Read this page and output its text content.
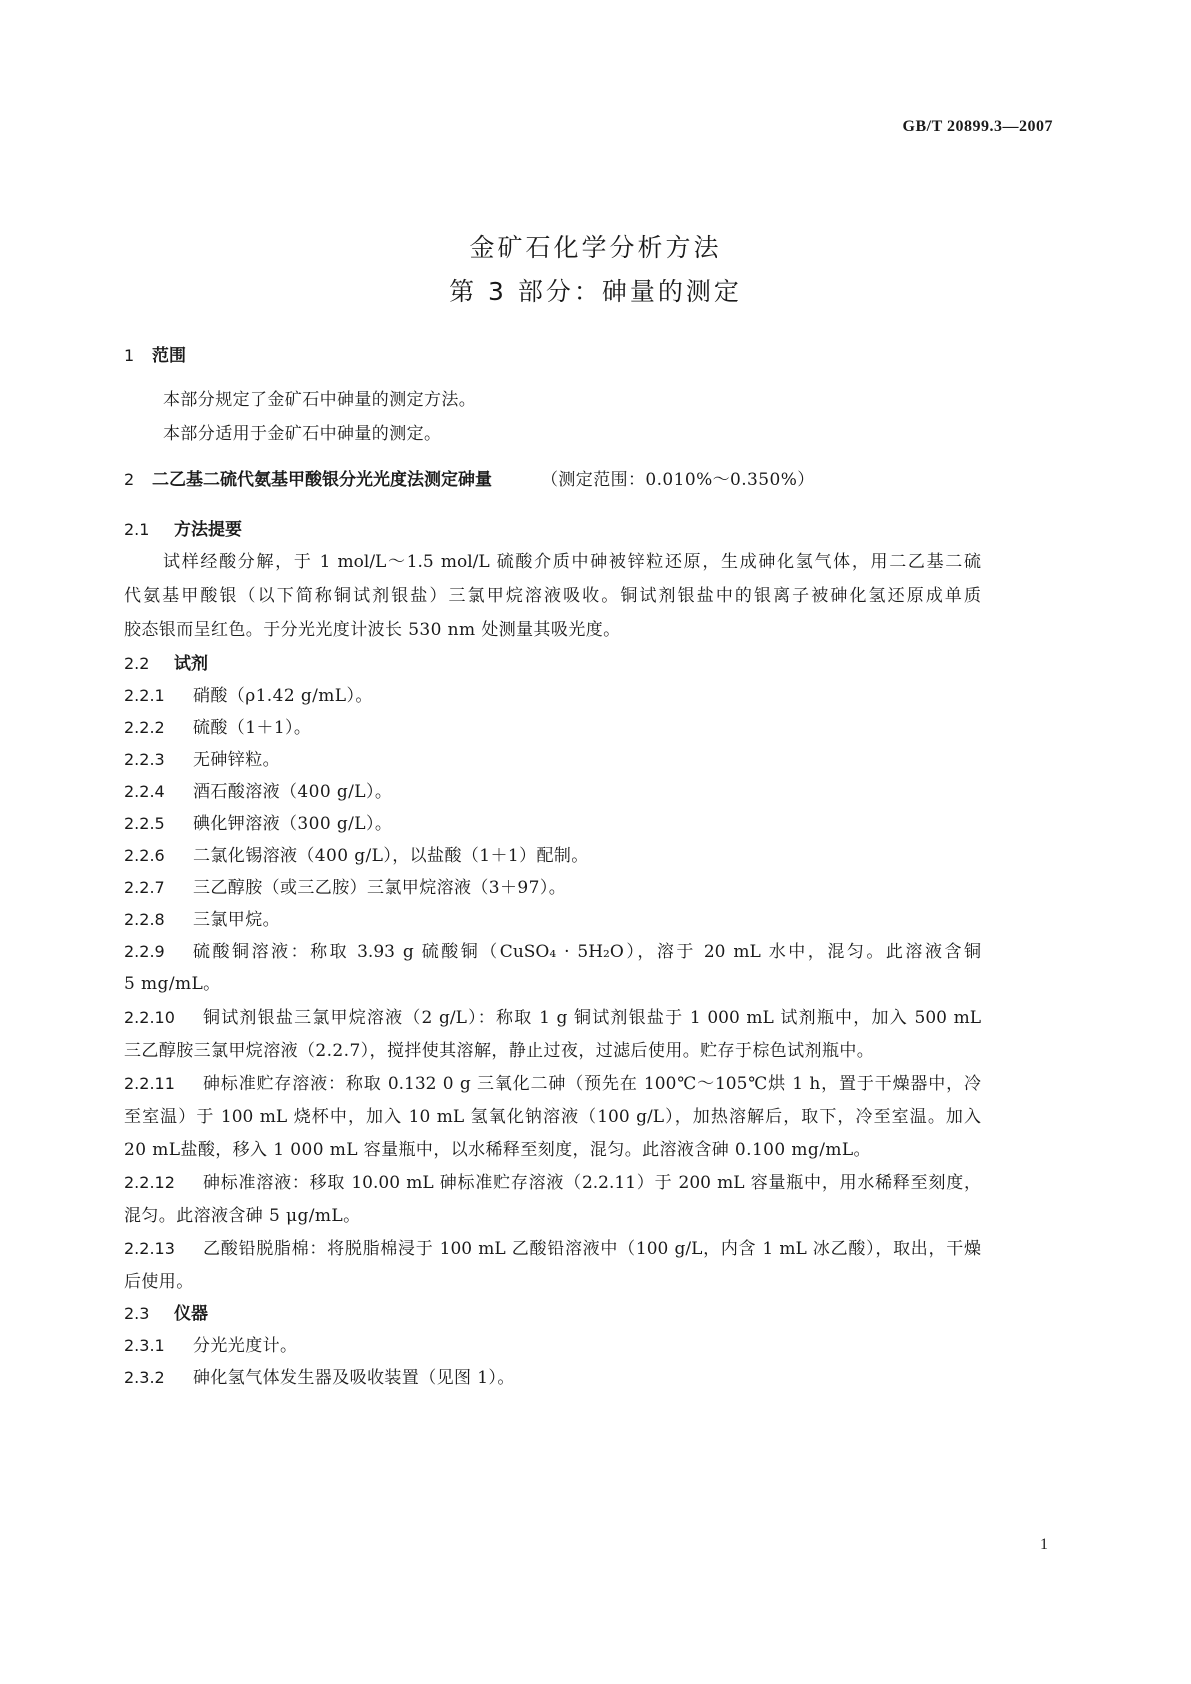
GB/T 20899.3—2007
金矿石化学分析方法
第 3 部分：砷量的测定
1 范围
本部分规定了金矿石中砷量的测定方法。
本部分适用于金矿石中砷量的测定。
2 二乙基二硫代氨基甲酸银分光光度法测定砷量	（测定范围：0.010%～0.350%）
2.1 方法提要
试样经酸分解，于 1 mol/L～1.5 mol/L 硫酸介质中砷被锌粒还原，生成砷化氢气体，用二乙基二硫
代氨基甲酸银（以下简称铜试剂银盐）三氯甲烷溶液吸收。铜试剂银盐中的银离子被砷化氢还原成单质
胶态银而呈红色。于分光光度计波长 530 nm 处测量其吸光度。
2.2 试剂
2.2.1 硝酸（ρ1.42 g/mL）。
2.2.2 硫酸（1＋1）。
2.2.3 无砷锌粒。
2.2.4 酒石酸溶液（400 g/L）。
2.2.5 碘化钾溶液（300 g/L）。
2.2.6 二氯化锡溶液（400 g/L），以盐酸（1＋1）配制。
2.2.7 三乙醇胺（或三乙胺）三氯甲烷溶液（3＋97）。
2.2.8 三氯甲烷。
2.2.9 硫酸铜溶液：称取 3.93 g 硫酸铜（CuSO₄ · 5H₂O），溶于 20 mL 水中，混匀。此溶液含铜
5 mg/mL。
2.2.10 铜试剂银盐三氯甲烷溶液（2 g/L）：称取 1 g 铜试剂银盐于 1 000 mL 试剂瓶中，加入 500 mL
三乙醇胺三氯甲烷溶液（2.2.7），搅拌使其溶解，静止过夜，过滤后使用。贮存于棕色试剂瓶中。
2.2.11 砷标准贮存溶液：称取 0.132 0 g 三氧化二砷（预先在 100℃～105℃烘 1 h，置于干燥器中，冷
至室温）于 100 mL 烧杯中，加入 10 mL 氢氧化钠溶液（100 g/L），加热溶解后，取下，冷至室温。加入
20 mL盐酸，移入 1 000 mL 容量瓶中，以水稀释至刻度，混匀。此溶液含砷 0.100 mg/mL。
2.2.12 砷标准溶液：移取 10.00 mL 砷标准贮存溶液（2.2.11）于 200 mL 容量瓶中，用水稀释至刻度，
混匀。此溶液含砷 5 μg/mL。
2.2.13 乙酸铅脱脂棉：将脱脂棉浸于 100 mL 乙酸铅溶液中（100 g/L，内含 1 mL 冰乙酸），取出，干燥
后使用。
2.3 仪器
2.3.1 分光光度计。
2.3.2 砷化氢气体发生器及吸收装置（见图 1）。
1
